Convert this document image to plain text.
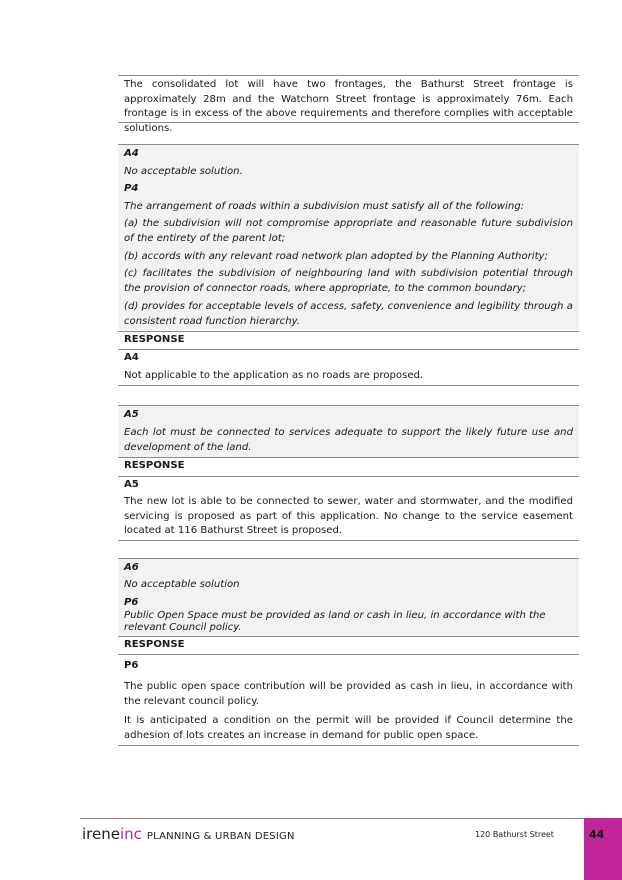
The consolidated lot will have two frontages, the Bathurst Street frontage is approximately 28m and the Watchorn Street frontage is approximately 76m. Each frontage is in excess of the above requirements and therefore complies with acceptable solutions.
A4
No acceptable solution.
P4
The arrangement of roads within a subdivision must satisfy all of the following:
(a) the subdivision will not compromise appropriate and reasonable future subdivision of the entirety of the parent lot;
(b) accords with any relevant road network plan adopted by the Planning Authority;
(c) facilitates the subdivision of neighbouring land with subdivision potential through the provision of connector roads, where appropriate, to the common boundary;
(d) provides for acceptable levels of access, safety, convenience and legibility through a consistent road function hierarchy.
RESPONSE
A4
Not applicable to the application as no roads are proposed.
A5
Each lot must be connected to services adequate to support the likely future use and development of the land.
RESPONSE
A5
The new lot is able to be connected to sewer, water and stormwater, and the modified servicing is proposed as part of this application. No change to the service easement located at 116 Bathurst Street is proposed.
A6
No acceptable solution
P6
Public Open Space must be provided as land or cash in lieu, in accordance with the relevant Council policy.
RESPONSE
P6
The public open space contribution will be provided as cash in lieu, in accordance with the relevant council policy.
It is anticipated a condition on the permit will be provided if Council determine the adhesion of lots creates an increase in demand for public open space.
ireneinc PLANNING & URBAN DESIGN	120 Bathurst Street	44
